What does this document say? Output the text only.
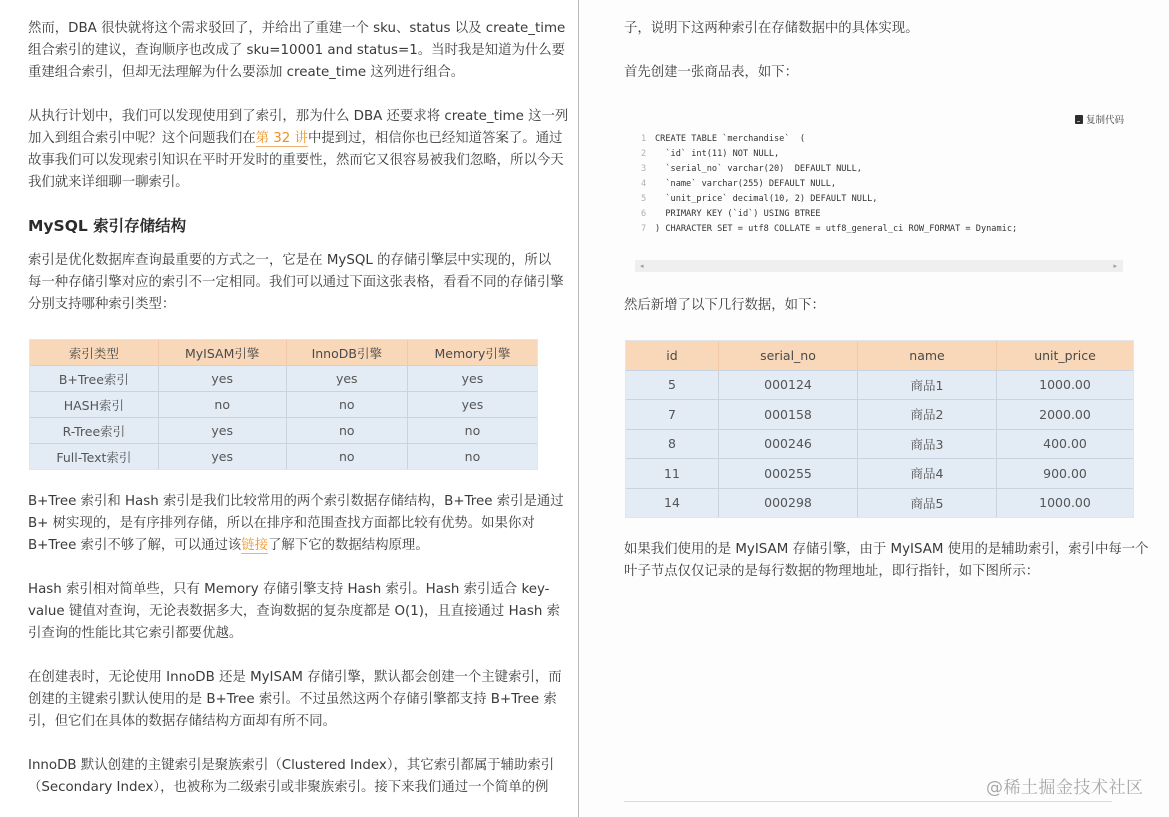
然而，DBA 很快就将这个需求驳回了，并给出了重建一个 sku、status 以及 create_time
组合索引的建议，查询顺序也改成了 sku=10001 and status=1。当时我是知道为什么要
重建组合索引，但却无法理解为什么要添加 create_time 这列进行组合。

从执行计划中，我们可以发现使用到了索引，那为什么 DBA 还要求将 create_time 这一列
加入到组合索引中呢？这个问题我们在第 32 讲中提到过，相信你也已经知道答案了。通过
故事我们可以发现索引知识在平时开发时的重要性，然而它又很容易被我们忽略，所以今天
我们就来详细聊一聊索引。

MySQL 索引存储结构

索引是优化数据库查询最重要的方式之一，它是在 MySQL 的存储引擎层中实现的，所以
每一种存储引擎对应的索引不一定相同。我们可以通过下面这张表格，看看不同的存储引擎
分别支持哪种索引类型：

索引类型	MyISAM引擎	InnoDB引擎	Memory引擎
B+Tree索引	yes	yes	yes
HASH索引	no	no	yes
R-Tree索引	yes	no	no
Full-Text索引	yes	no	no

B+Tree 索引和 Hash 索引是我们比较常用的两个索引数据存储结构，B+Tree 索引是通过
B+ 树实现的，是有序排列存储，所以在排序和范围查找方面都比较有优势。如果你对
B+Tree 索引不够了解，可以通过该链接了解下它的数据结构原理。

Hash 索引相对简单些，只有 Memory 存储引擎支持 Hash 索引。Hash 索引适合 key-
value 键值对查询，无论表数据多大，查询数据的复杂度都是 O(1)，且直接通过 Hash 索
引查询的性能比其它索引都要优越。

在创建表时，无论使用 InnoDB 还是 MyISAM 存储引擎，默认都会创建一个主键索引，而
创建的主键索引默认使用的是 B+Tree 索引。不过虽然这两个存储引擎都支持 B+Tree 索
引，但它们在具体的数据存储结构方面却有所不同。

InnoDB 默认创建的主键索引是聚族索引（Clustered Index），其它索引都属于辅助索引
（Secondary Index），也被称为二级索引或非聚族索引。接下来我们通过一个简单的例

子，说明下这两种索引在存储数据中的具体实现。

首先创建一张商品表，如下：

复制代码
1	CREATE TABLE `merchandise`  (
2	`id` int(11) NOT NULL,
3	`serial_no` varchar(20)  DEFAULT NULL,
4	`name` varchar(255) DEFAULT NULL,
5	`unit_price` decimal(10, 2) DEFAULT NULL,
6	PRIMARY KEY (`id`) USING BTREE
7	) CHARACTER SET = utf8 COLLATE = utf8_general_ci ROW_FORMAT = Dynamic;
◂	▸

然后新增了以下几行数据，如下：

id	serial_no	name	unit_price
5	000124	商品1	1000.00
7	000158	商品2	2000.00
8	000246	商品3	400.00
11	000255	商品4	900.00
14	000298	商品5	1000.00

如果我们使用的是 MyISAM 存储引擎，由于 MyISAM 使用的是辅助索引，索引中每一个
叶子节点仅仅记录的是每行数据的物理地址，即行指针，如下图所示：

@稀土掘金技术社区
